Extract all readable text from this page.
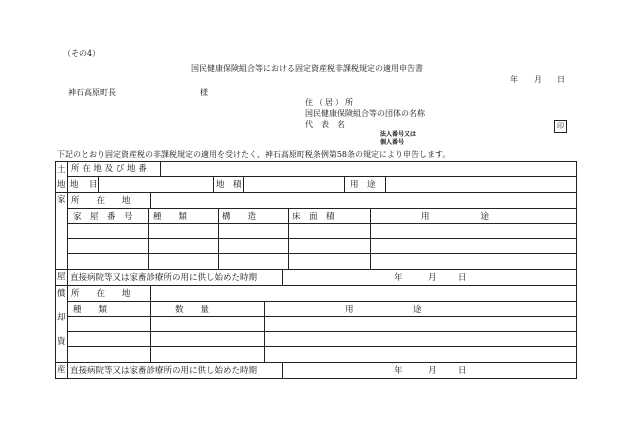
（その4）
国民健康保険組合等における固定資産税非課税規定の適用申告書
年 月 日
神石高原町長	様
住（居）所
国民健康保険組合等の団体の名称
代　表　名	印
法人番号又は
個人番号
下記のとおり固定資産税の非課税規定の適用を受けたく、神石高原町税条例第58条の規定により申告します。
土
地
所 在 地 及 び 地 番
地　目	地　積	用　途
家
屋
所　　在　　地
家　屋　番　号 種　　類	構　　造	床　面　積	用　　　　　　途
直接病院等又は家畜診療所の用に供し始めた時期	年	月	日
償
却
資
産
所　　在　　地
種　　類	数　　量	用　　　　　　　途
直接病院等又は家畜診療所の用に供し始めた時期	年	月	日
